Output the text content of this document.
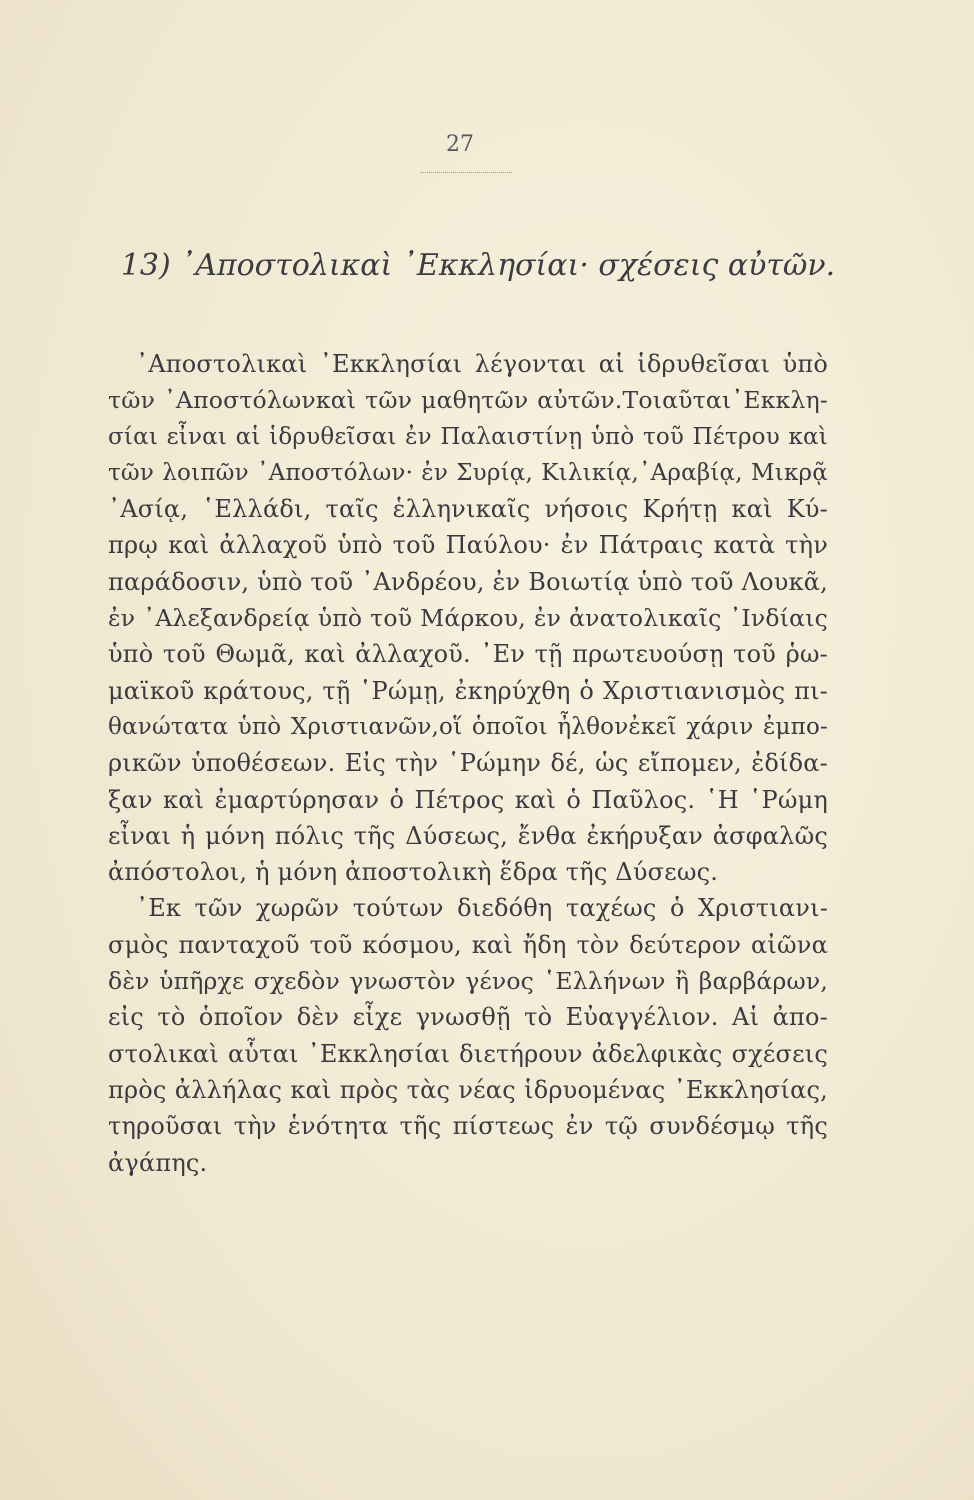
27
13) ᾿Αποστολικαὶ ᾿Εκκλησίαι· σχέσεις αὐτῶν.
᾿Αποστολικαὶ ᾿Εκκλησίαι λέγονται αἱ ἱδρυθεῖσαι ὑπὸ
τῶν ᾿Αποστόλωνκαὶ τῶν μαθητῶν αὐτῶν.Τοιαῦται᾿Εκκλη-
σίαι εἶναι αἱ ἱδρυθεῖσαι ἐν Παλαιστίνῃ ὑπὸ τοῦ Πέτρου καὶ
τῶν λοιπῶν ᾿Αποστόλων· ἐν Συρίᾳ, Κιλικίᾳ,᾿Αραβίᾳ, Μικρᾷ
᾿Ασίᾳ, ῾Ελλάδι, ταῖς ἑλληνικαῖς νήσοις Κρήτῃ καὶ Κύ-
πρῳ καὶ ἀλλαχοῦ ὑπὸ τοῦ Παύλου· ἐν Πάτραις κατὰ τὴν
παράδοσιν, ὑπὸ τοῦ ᾿Ανδρέου, ἐν Βοιωτίᾳ ὑπὸ τοῦ Λουκᾶ,
ἐν ᾿Αλεξανδρείᾳ ὑπὸ τοῦ Μάρκου, ἐν ἀνατολικαῖς ᾿Ινδίαις
ὑπὸ τοῦ Θωμᾶ, καὶ ἀλλαχοῦ. ᾿Εν τῇ πρωτευούσῃ τοῦ ῥω-
μαϊκοῦ κράτους, τῇ ῾Ρώμῃ, ἐκηρύχθη ὁ Χριστιανισμὸς πι-
θανώτατα ὑπὸ Χριστιανῶν,οἵ ὁποῖοι ἦλθονἐκεῖ χάριν ἐμπο-
ρικῶν ὑποθέσεων. Εἰς τὴν ῾Ρώμην δέ, ὡς εἴπομεν, ἐδίδα-
ξαν καὶ ἐμαρτύρησαν ὁ Πέτρος καὶ ὁ Παῦλος. ῾Η ῾Ρώμη
εἶναι ἡ μόνη πόλις τῆς Δύσεως, ἔνθα ἐκήρυξαν ἀσφαλῶς
ἀπόστολοι, ἡ μόνη ἀποστολικὴ ἕδρα τῆς Δύσεως.
᾿Εκ τῶν χωρῶν τούτων διεδόθη ταχέως ὁ Χριστιανι-
σμὸς πανταχοῦ τοῦ κόσμου, καὶ ἤδη τὸν δεύτερον αἰῶνα
δὲν ὑπῆρχε σχεδὸν γνωστὸν γένος ῾Ελλήνων ἢ βαρβάρων,
εἰς τὸ ὁποῖον δὲν εἶχε γνωσθῇ τὸ Εὐαγγέλιον. Αἱ ἀπο-
στολικαὶ αὗται ᾿Εκκλησίαι διετήρουν ἀδελφικὰς σχέσεις
πρὸς ἀλλήλας καὶ πρὸς τὰς νέας ἱδρυομένας ᾿Εκκλησίας,
τηροῦσαι τὴν ἑνότητα τῆς πίστεως ἐν τῷ συνδέσμῳ τῆς
ἀγάπης.
